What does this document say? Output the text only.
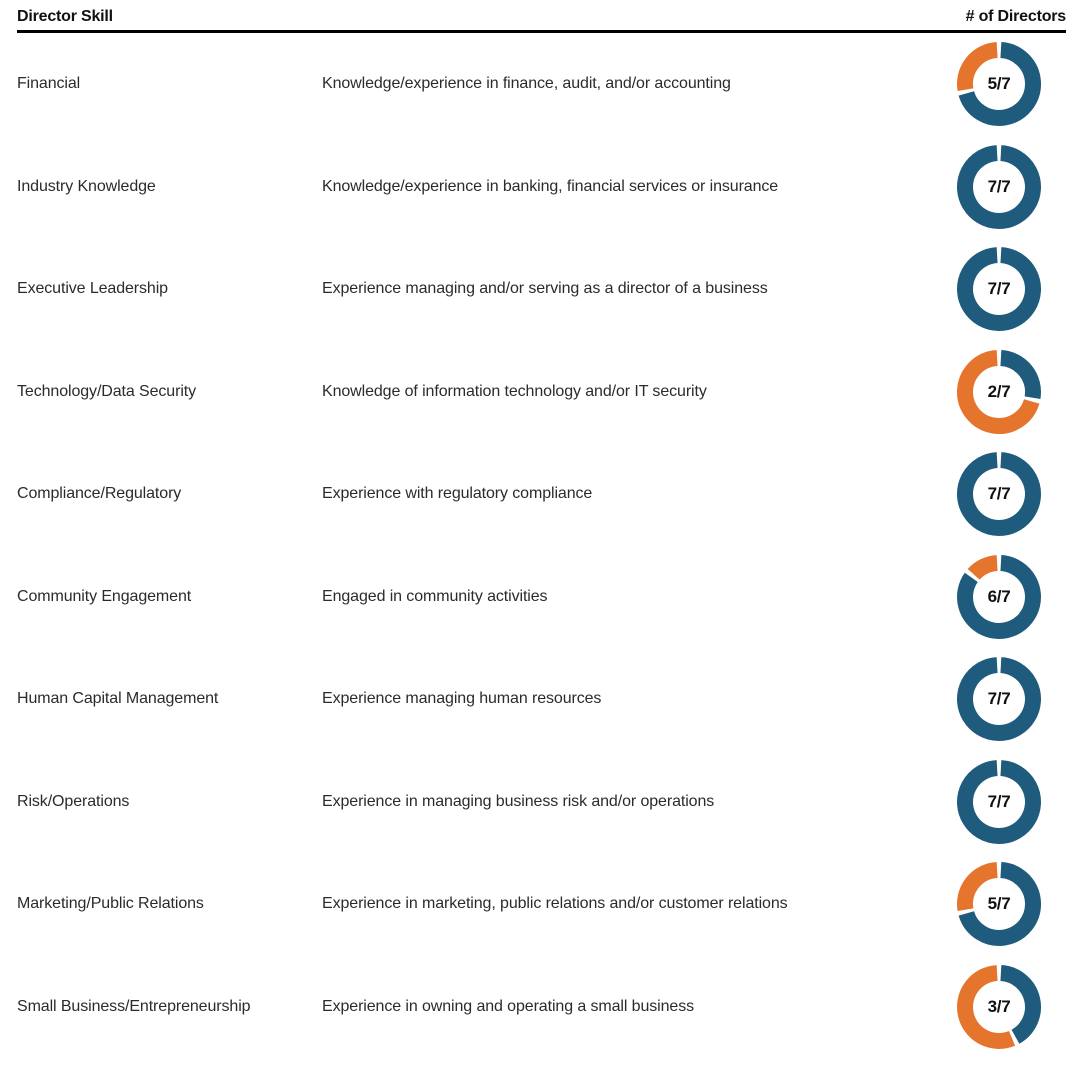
Director Skill	# of Directors
Financial	Knowledge/experience in finance, audit, and/or accounting	5/7
Industry Knowledge	Knowledge/experience in banking, financial services or insurance	7/7
Executive Leadership	Experience managing and/or serving as a director of a business	7/7
Technology/Data Security	Knowledge of information technology and/or IT security	2/7
Compliance/Regulatory	Experience with regulatory compliance	7/7
Community Engagement	Engaged in community activities	6/7
Human Capital Management	Experience managing human resources	7/7
Risk/Operations	Experience in managing business risk and/or operations	7/7
Marketing/Public Relations	Experience in marketing, public relations and/or customer relations	5/7
Small Business/Entrepreneurship	Experience in owning and operating a small business	3/7
